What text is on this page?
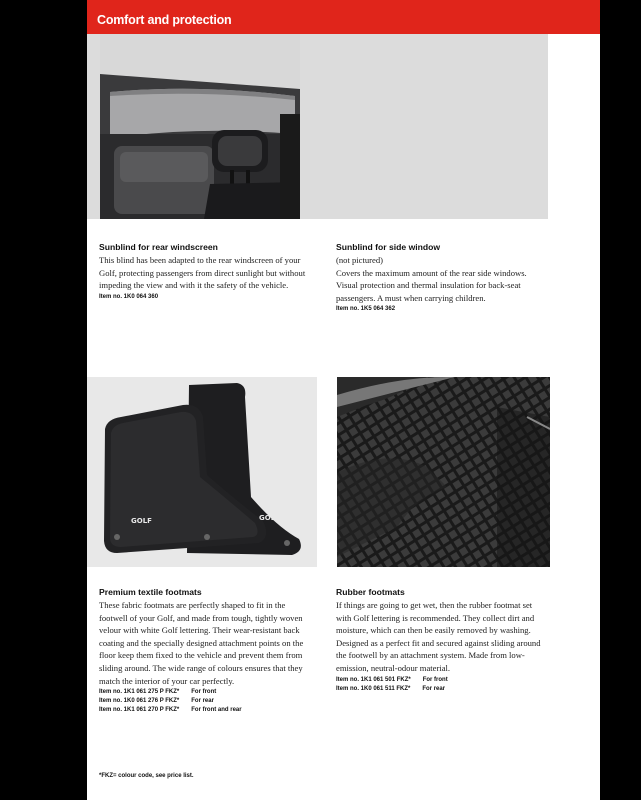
Comfort and protection

Sunblind for rear windscreen

This blind has been adapted to the rear windscreen of your Golf, protecting passengers from direct sunlight but without impeding the view and with it the safety of the vehicle.

Item no. 1K0 064 360

Sunblind for side window

(not pictured)

Covers the maximum amount of the rear side windows. Visual protection and thermal insulation for back-seat passengers. A must when carrying children.

Item no. 1K5 064 362
GOLF	GOLF

Premium textile footmats

These fabric footmats are perfectly shaped to fit in the footwell of your Golf, and made from tough, tightly woven velour with white Golf lettering. Their wear-resistant back coating and the specially designed attachment points on the floor keep them fixed to the vehicle and prevent them from sliding around. The wide range of colours ensures that they match the interior of your car perfectly.

Item no. 1K1 061 275 P FKZ* For front
Item no. 1K0 061 276 P FKZ* For rear
Item no. 1K1 061 270 P FKZ* For front and rear

Rubber footmats

If things are going to get wet, then the rubber footmat set with Golf lettering is recommended. They collect dirt and moisture, which can then be easily removed by washing. Designed as a perfect fit and secured against sliding around the footwell by an attachment system. Made from low-emission, neutral-odour material.

Item no. 1K1 061 501 FKZ* For front
Item no. 1K0 061 511 FKZ* For rear
*FKZ= colour code, see price list.
